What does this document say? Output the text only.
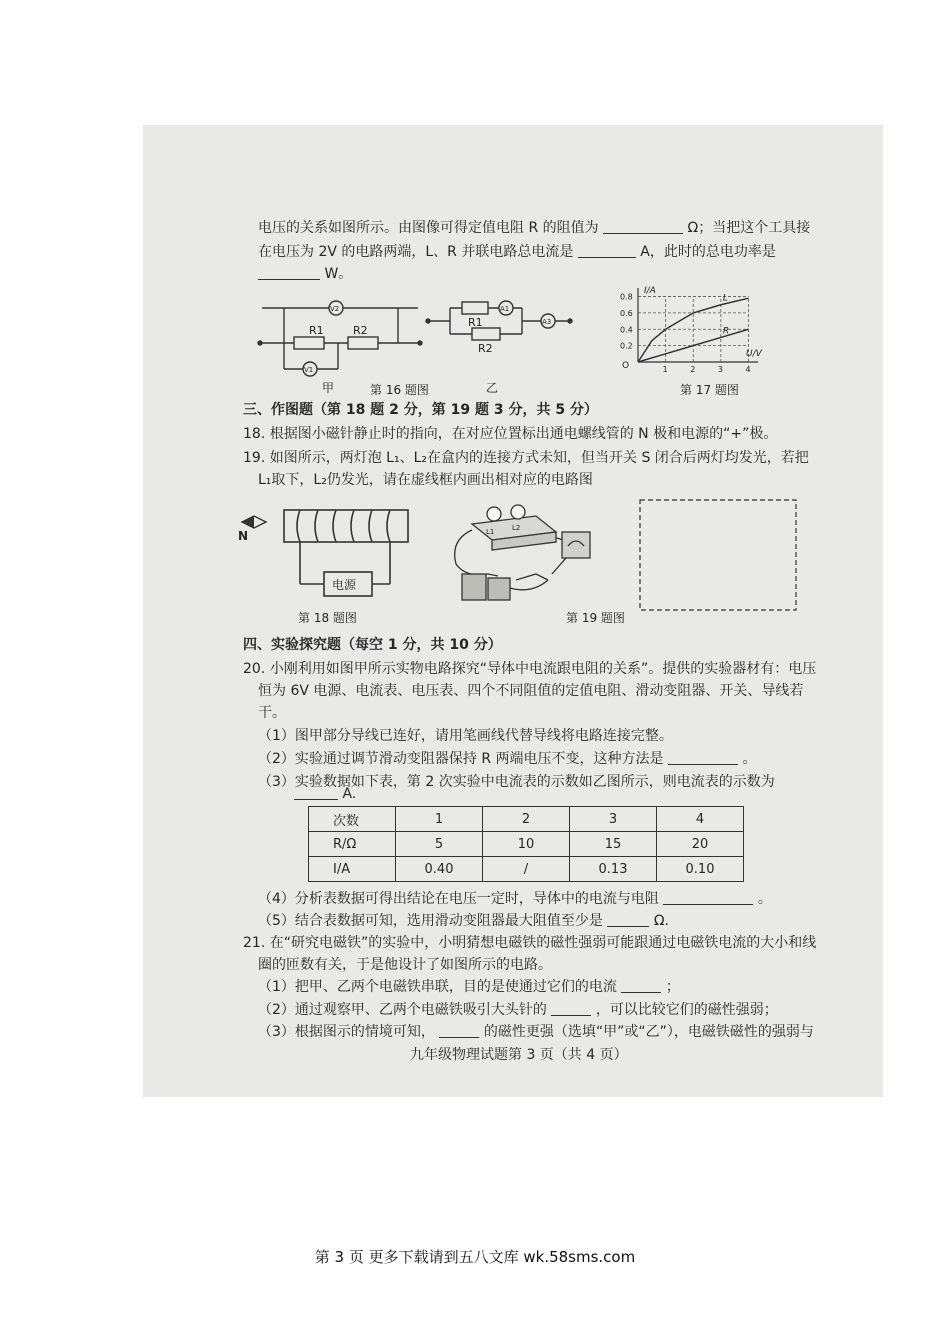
电压的关系如图所示。由图像可得定值电阻 R 的阻值为	Ω；当把这个工具接
在电压为 2V 的电路两端，L、R 并联电路总电流是	A，此时的总电功率是
W。
R1	R2
V2
V1
甲
R1
R2
A1
A3
乙
L
R
1	2	3	4
0.2
0.4
0.6
0.8
I/A
U/V
O
第 16 题图	第 17 题图
三、作图题（第 18 题 2 分，第 19 题 3 分，共 5 分）
18. 根据图小磁针静止时的指向，在对应位置标出通电螺线管的 N 极和电源的“+”极。
19. 如图所示，两灯泡 L₁、L₂在盒内的连接方式未知，但当开关 S 闭合后两灯均发光，若把
L₁取下，L₂仍发光，请在虚线框内画出相对应的电路图
N
电源
第 18 题图
L1	L2
第 19 题图
四、实验探究题（每空 1 分，共 10 分）
20. 小刚利用如图甲所示实物电路探究“导体中电流跟电阻的关系”。提供的实验器材有：电压
恒为 6V 电源、电流表、电压表、四个不同阻值的定值电阻、滑动变阻器、开关、导线若
干。
（1）图甲部分导线已连好，请用笔画线代替导线将电路连接完整。
（2）实验通过调节滑动变阻器保持 R 两端电压不变，这种方法是	。
（3）实验数据如下表，第 2 次实验中电流表的示数如乙图所示，则电流表的示数为
A.
次数	1	2	3	4
R/Ω	5	10	15	20
I/A	0.40	/	0.13	0.10
（4）分析表数据可得出结论在电压一定时，导体中的电流与电阻	。
（5）结合表数据可知，选用滑动变阻器最大阻值至少是	Ω.
21. 在“研究电磁铁”的实验中，小明猜想电磁铁的磁性强弱可能跟通过电磁铁电流的大小和线
圈的匝数有关，于是他设计了如图所示的电路。
（1）把甲、乙两个电磁铁串联，目的是使通过它们的电流	；
（2）通过观察甲、乙两个电磁铁吸引大头针的	，可以比较它们的磁性强弱；
（3）根据图示的情境可知，	的磁性更强（选填“甲”或“乙”），电磁铁磁性的强弱与
九年级物理试题第 3 页（共 4 页）
第 3 页 更多下载请到五八文库 wk.58sms.com
